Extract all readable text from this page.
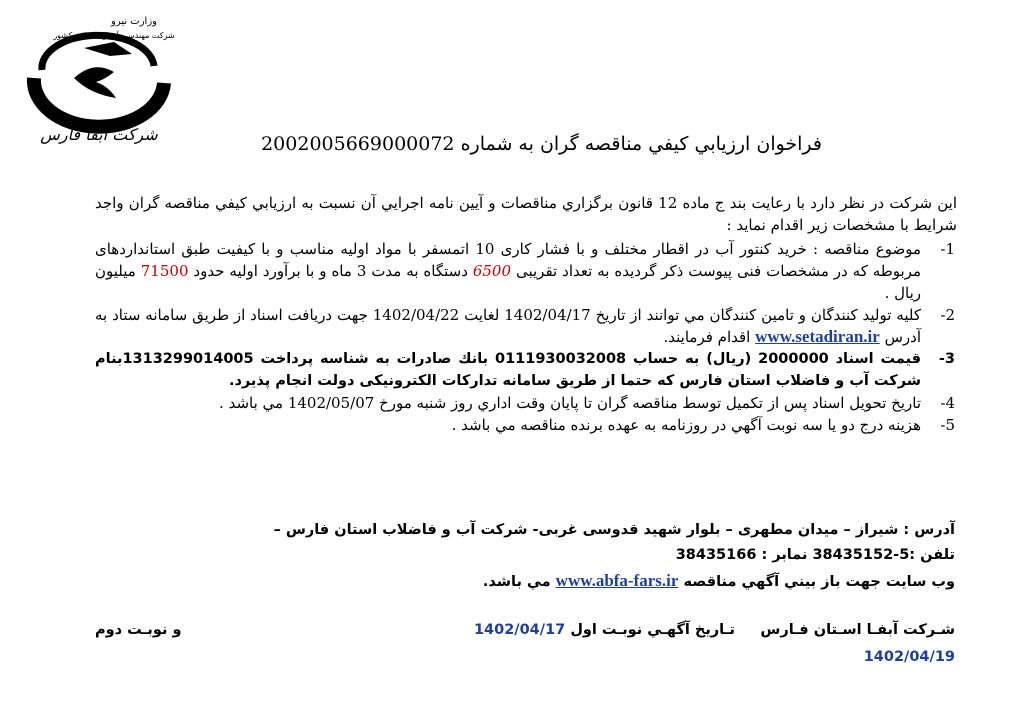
وزارت نیرو
شرکت مهندسی آب و فاضلاب کشور
شرکت آبفا فارس	فراخوان ارزيابي كيفي مناقصه گران به شماره 2002005669000072
اين شركت در نظر دارد با رعايت بند ج ماده 12 قانون برگزاري مناقصات و آيين نامه اجرايي آن نسبت به ارزيابي كيفي مناقصه گران واجد شرايط با مشخصات زير اقدام نمايد :
-1
موضوع مناقصه : خرید کنتور آب در اقطار مختلف و با فشار کاری 10 اتمسفر با مواد اولیه مناسب و با کیفیت طبق استانداردهای مربوطه که در مشخصات فنی پیوست ذکر گردیده به تعداد تقریبی 6500 دستگاه به مدت 3 ماه و با برآورد اوليه حدود 71500 ميليون ريال .
-2
كليه توليد كنندگان و تامين كنندگان مي توانند از تاريخ 1402/04/17 لغايت 1402/04/22 جهت دريافت اسناد از طريق سامانه ستاد به آدرس www.setadiran.ir اقدام فرمايند.
-3
قيمت اسناد 2000000 (ريال) به حساب 0111930032008 بانك صادرات به شناسه پرداخت 1313299014005بنام شرکت آب و فاضلاب استان فارس که حتما از طريق سامانه تدارکات الکترونيکی دولت انجام پذيرد.
-4
تاريخ تحويل اسناد پس از تكميل توسط مناقصه گران تا پايان وقت اداري روز شنبه مورخ 1402/05/07 مي باشد .
-5
هزينه درج دو يا سه نوبت آگهي در روزنامه به عهده برنده مناقصه مي باشد .
آدرس : شیراز – میدان مطهری – بلوار شهید قدوسی غربی- شرکت آب و فاضلاب استان فارس –
تلفن :5-38435152 نمابر : 38435166
وب سايت جهت باز بيني آگهي مناقصه www.abfa-fars.ir مي باشد.
شـركت آبفـا اسـتان فـارس
تـاريخ آگهـي نوبـت اول 1402/04/17
و نوبـت دوم
1402/04/19
